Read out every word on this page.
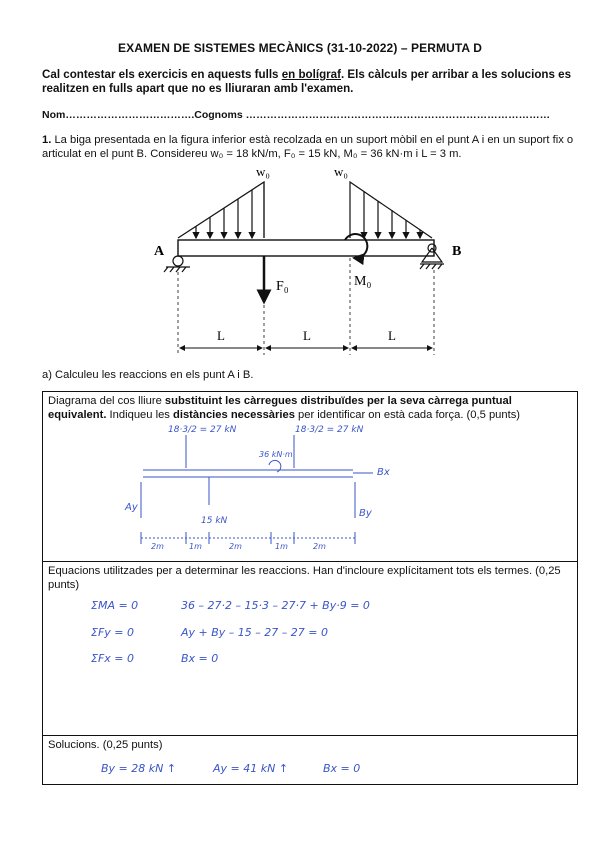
EXAMEN DE SISTEMES MECÀNICS (31-10-2022) – PERMUTA D
Cal contestar els exercicis en aquests fulls en bolígraf. Els càlculs per arribar a les solucions es realitzen en fulls apart que no es lliuraran amb l'examen.
Nom……………………………….Cognoms ……………………………………………………………………………
1. La biga presentada en la figura inferior està recolzada en un suport mòbil en el punt A i en un suport fix o articulat en el punt B. Considereu w₀ = 18 kN/m, F₀ = 15 kN, M₀ = 36 kN·m i L = 3 m.
w₀	w₀
A	B
F₀	M₀
L	L	L
a) Calculeu les reaccions en els punt A i B.
Diagrama del cos lliure substituint les càrregues distribuïdes per la seva càrrega puntual equivalent. Indiqueu les distàncies necessàries per identificar on està cada força. (0,5 punts)
18·3/2 = 27 kN	18·3/2 = 27 kN
36 kN·m
Bx
Ay
By
15 kN
2m	1m	2m	1m	2m
Equacions utilitzades per a determinar les reaccions. Han d'incloure explícitament tots els termes. (0,25 punts)
ΣMA = 0	36 – 27·2 – 15·3 – 27·7 + By·9 = 0
ΣFy = 0	Ay + By – 15 – 27 – 27 = 0
ΣFx = 0	Bx = 0
Solucions. (0,25 punts)
By = 28 kN ↑	Ay = 41 kN ↑	Bx = 0
